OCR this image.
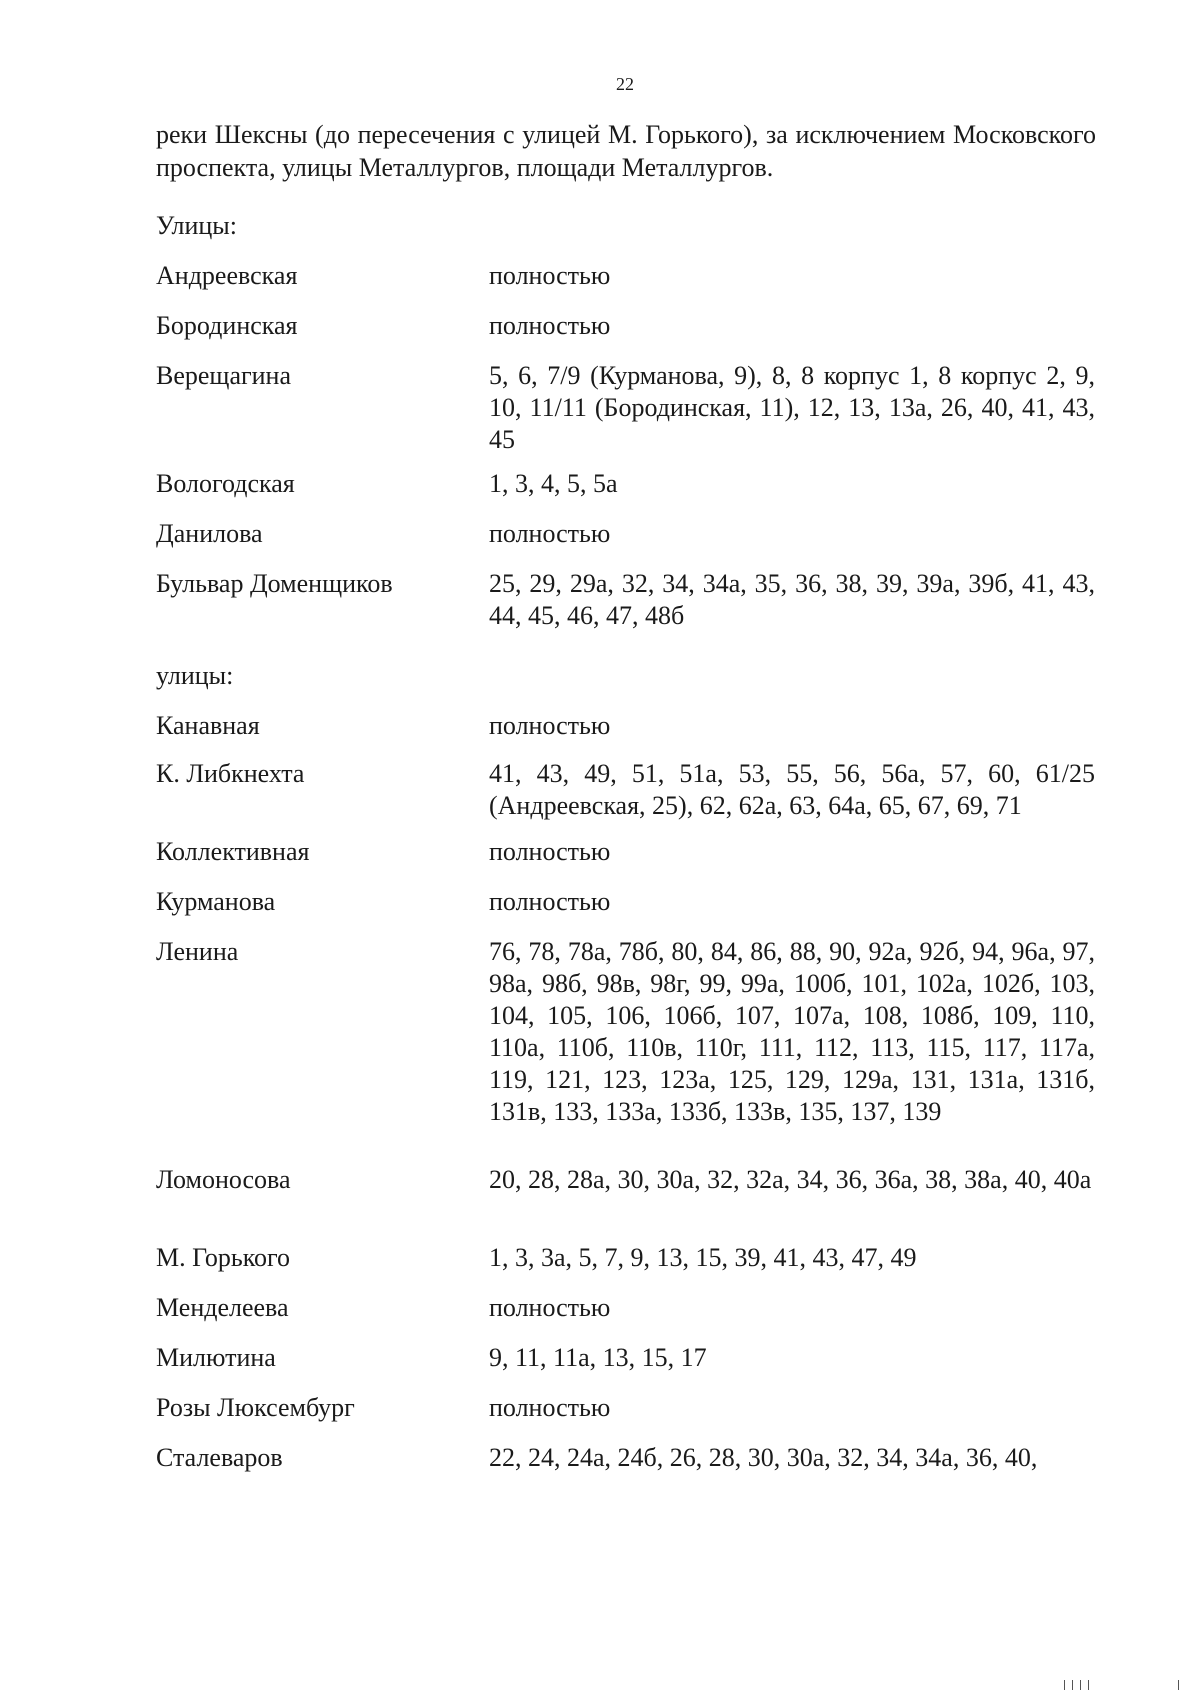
22
реки Шексны (до пересечения с улицей М. Горького), за исключением Московского проспекта, улицы Металлургов, площади Металлургов.
Улицы:
Андреевская	полностью
Бородинская	полностью
Верещагина	5, 6, 7/9 (Курманова, 9), 8, 8 корпус 1, 8 корпус 2, 9, 10, 11/11 (Бородинская, 11), 12, 13, 13а, 26, 40, 41, 43, 45
Вологодская	1, 3, 4, 5, 5а
Данилова	полностью
Бульвар Доменщиков	25, 29, 29а, 32, 34, 34а, 35, 36, 38, 39, 39а, 39б, 41, 43, 44, 45, 46, 47, 48б
улицы:
Канавная	полностью
К. Либкнехта	41, 43, 49, 51, 51а, 53, 55, 56, 56а, 57, 60, 61/25 (Андреевская, 25), 62, 62а, 63, 64а, 65, 67, 69, 71
Коллективная	полностью
Курманова	полностью
Ленина	76, 78, 78а, 78б, 80, 84, 86, 88, 90, 92а, 92б, 94, 96а, 97, 98а, 98б, 98в, 98г, 99, 99а, 100б, 101, 102а, 102б, 103, 104, 105, 106, 106б, 107, 107а, 108, 108б, 109, 110, 110а, 110б, 110в, 110г, 111, 112, 113, 115, 117, 117а, 119, 121, 123, 123а, 125, 129, 129а, 131, 131а, 131б, 131в, 133, 133а, 133б, 133в, 135, 137, 139
Ломоносова	20, 28, 28а, 30, 30а, 32, 32а, 34, 36, 36а, 38, 38а, 40, 40а
М. Горького	1, 3, 3а, 5, 7, 9, 13, 15, 39, 41, 43, 47, 49
Менделеева	полностью
Милютина	9, 11, 11а, 13, 15, 17
Розы Люксембург	полностью
Сталеваров	22, 24, 24а, 24б, 26, 28, 30, 30а, 32, 34, 34а, 36, 40,
